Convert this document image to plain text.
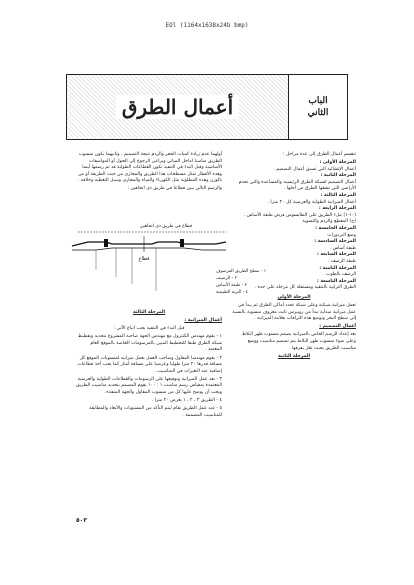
EOl (1164x1638x24b bmp)
الباب
الثاني
أعمال الطرق

تنقسم أعمال الطرق إلى عدة مراحل :

المرحلة الأولى :
أعمال الإنشائية التي تسبق أعمال التصميم .

المرحلة الثانية :
أعمال التصميم لشبكة الطرق الرئيسية والمساعدة والتي تخدم الأراضي التي تشقها الطرق من أجلها .

المرحلة الثالثة :
أعمال الميزانية الطولية والعرضية كل ٢٠ مترا .

المرحلة الرابعة :
(١٠-١) ملء الطريق على الطابسوس فرش طبقة الأساس .

(ج) المقطع والردم والتسوية

المرحلة الخامسة :
وضع البردورات

المرحلة السادسة :
طبقة أساس .

المرحلة السابعة :
طبقة الرصف .

المرحلة الثامنة :
الرصف بالطوب .

المرحلة التاسعة :
الطرق الترابية بالتنقية ومستقلة كل مرحلة على حدة .

المرحلة الأولى

تعمل ميزانية شبكية وعلى شبكة تحدد أماكن الطرق ثم يبدأ في عمل ميزانية مبدأية تبدأ من روبيرس ثابت معروف منسوبة بالنسبة إلى سطح البحر وتوضع هذه الترافات بعلامة الميزانية .

أعمال التصميم :

بعد إعداد الرسم الخاص بالميزانية يصمم منسوب ظهر البلاط وعلى ضوء منسوب ظهر البلاط يتم تصميم مناسيب ووضع مناسيب الطريق بحيث تقل بفرقها .

المرحلة الثانية

أولهما عدم زيادة كميات الحفر والردم نتيجة التصميم ، وثانيهما يكون منسوب الطريق مناسبا لداخل المباني ويراعى الرجوع إلى الجول أو المواصفات الأساسية وقبل البدء في التنفيذ تكون القطاعات الطولية قد تم رسمها أيضا وهذه الأقطار تمثل مسطحات هذا الطريق والمجاري من حيث الطريقة أو من بالوزن وهذه المطلوبة مثل الكهرباء والمياه والمجاري وسبل التغطية وخلافه .

والرسم التالي يبين قطاعا في طريق ذي اتجاهين :

قطاع في طريق ذي اتجاهين
قطاع
١ - سطح الطريق المرصوف
٢ - الرصيف
٣ - طبقة الأساس
٤ - التربة الطبيعية

المرحلة الثالثة

أعمال الميزانية :

قبل البدء في التنفيذ يجب اتباع الآتي :

١ - يقوم مهندس الكنترول مع مهندس الجهة صاحبة المشروع بتحديد ونقطيط شبكة الطرق طبقا للتخطيط المبين بالمرسومات الخاصة بالموقع العام المعتمد .

٢ - يقوم مهندسا المقاول وصاحب العمل بعمل ميزانية لمنسوبات الموقع كل مسافة قدرها ٢٠ مترا طوليا وعرضيا على مسافة أمتار كما يجب أخذ قطاعات إضافية عند التغيرات في المناسيب .

٣ - بعد عمل الميزانية وتوقيعها على الرسومات والقطاعات الطولية والعرضية المعتمدة بمقياس رسم مناسب ١ : ١٠٠ يقوم المصمم بتحديد مناسيب الطريق ويجب أن يوضح عليها كل من منسوب المقاول والجهة المنفذة .

٤ - الطريق ٣ ، ٢ ، ١ بعرض ٢٠ مترا .

٥ - عند عمل الطريق تقام ليتم التأكد من المستويات والأبعاد والمطابقة للمناسيب المصممة .

٥٠٣
